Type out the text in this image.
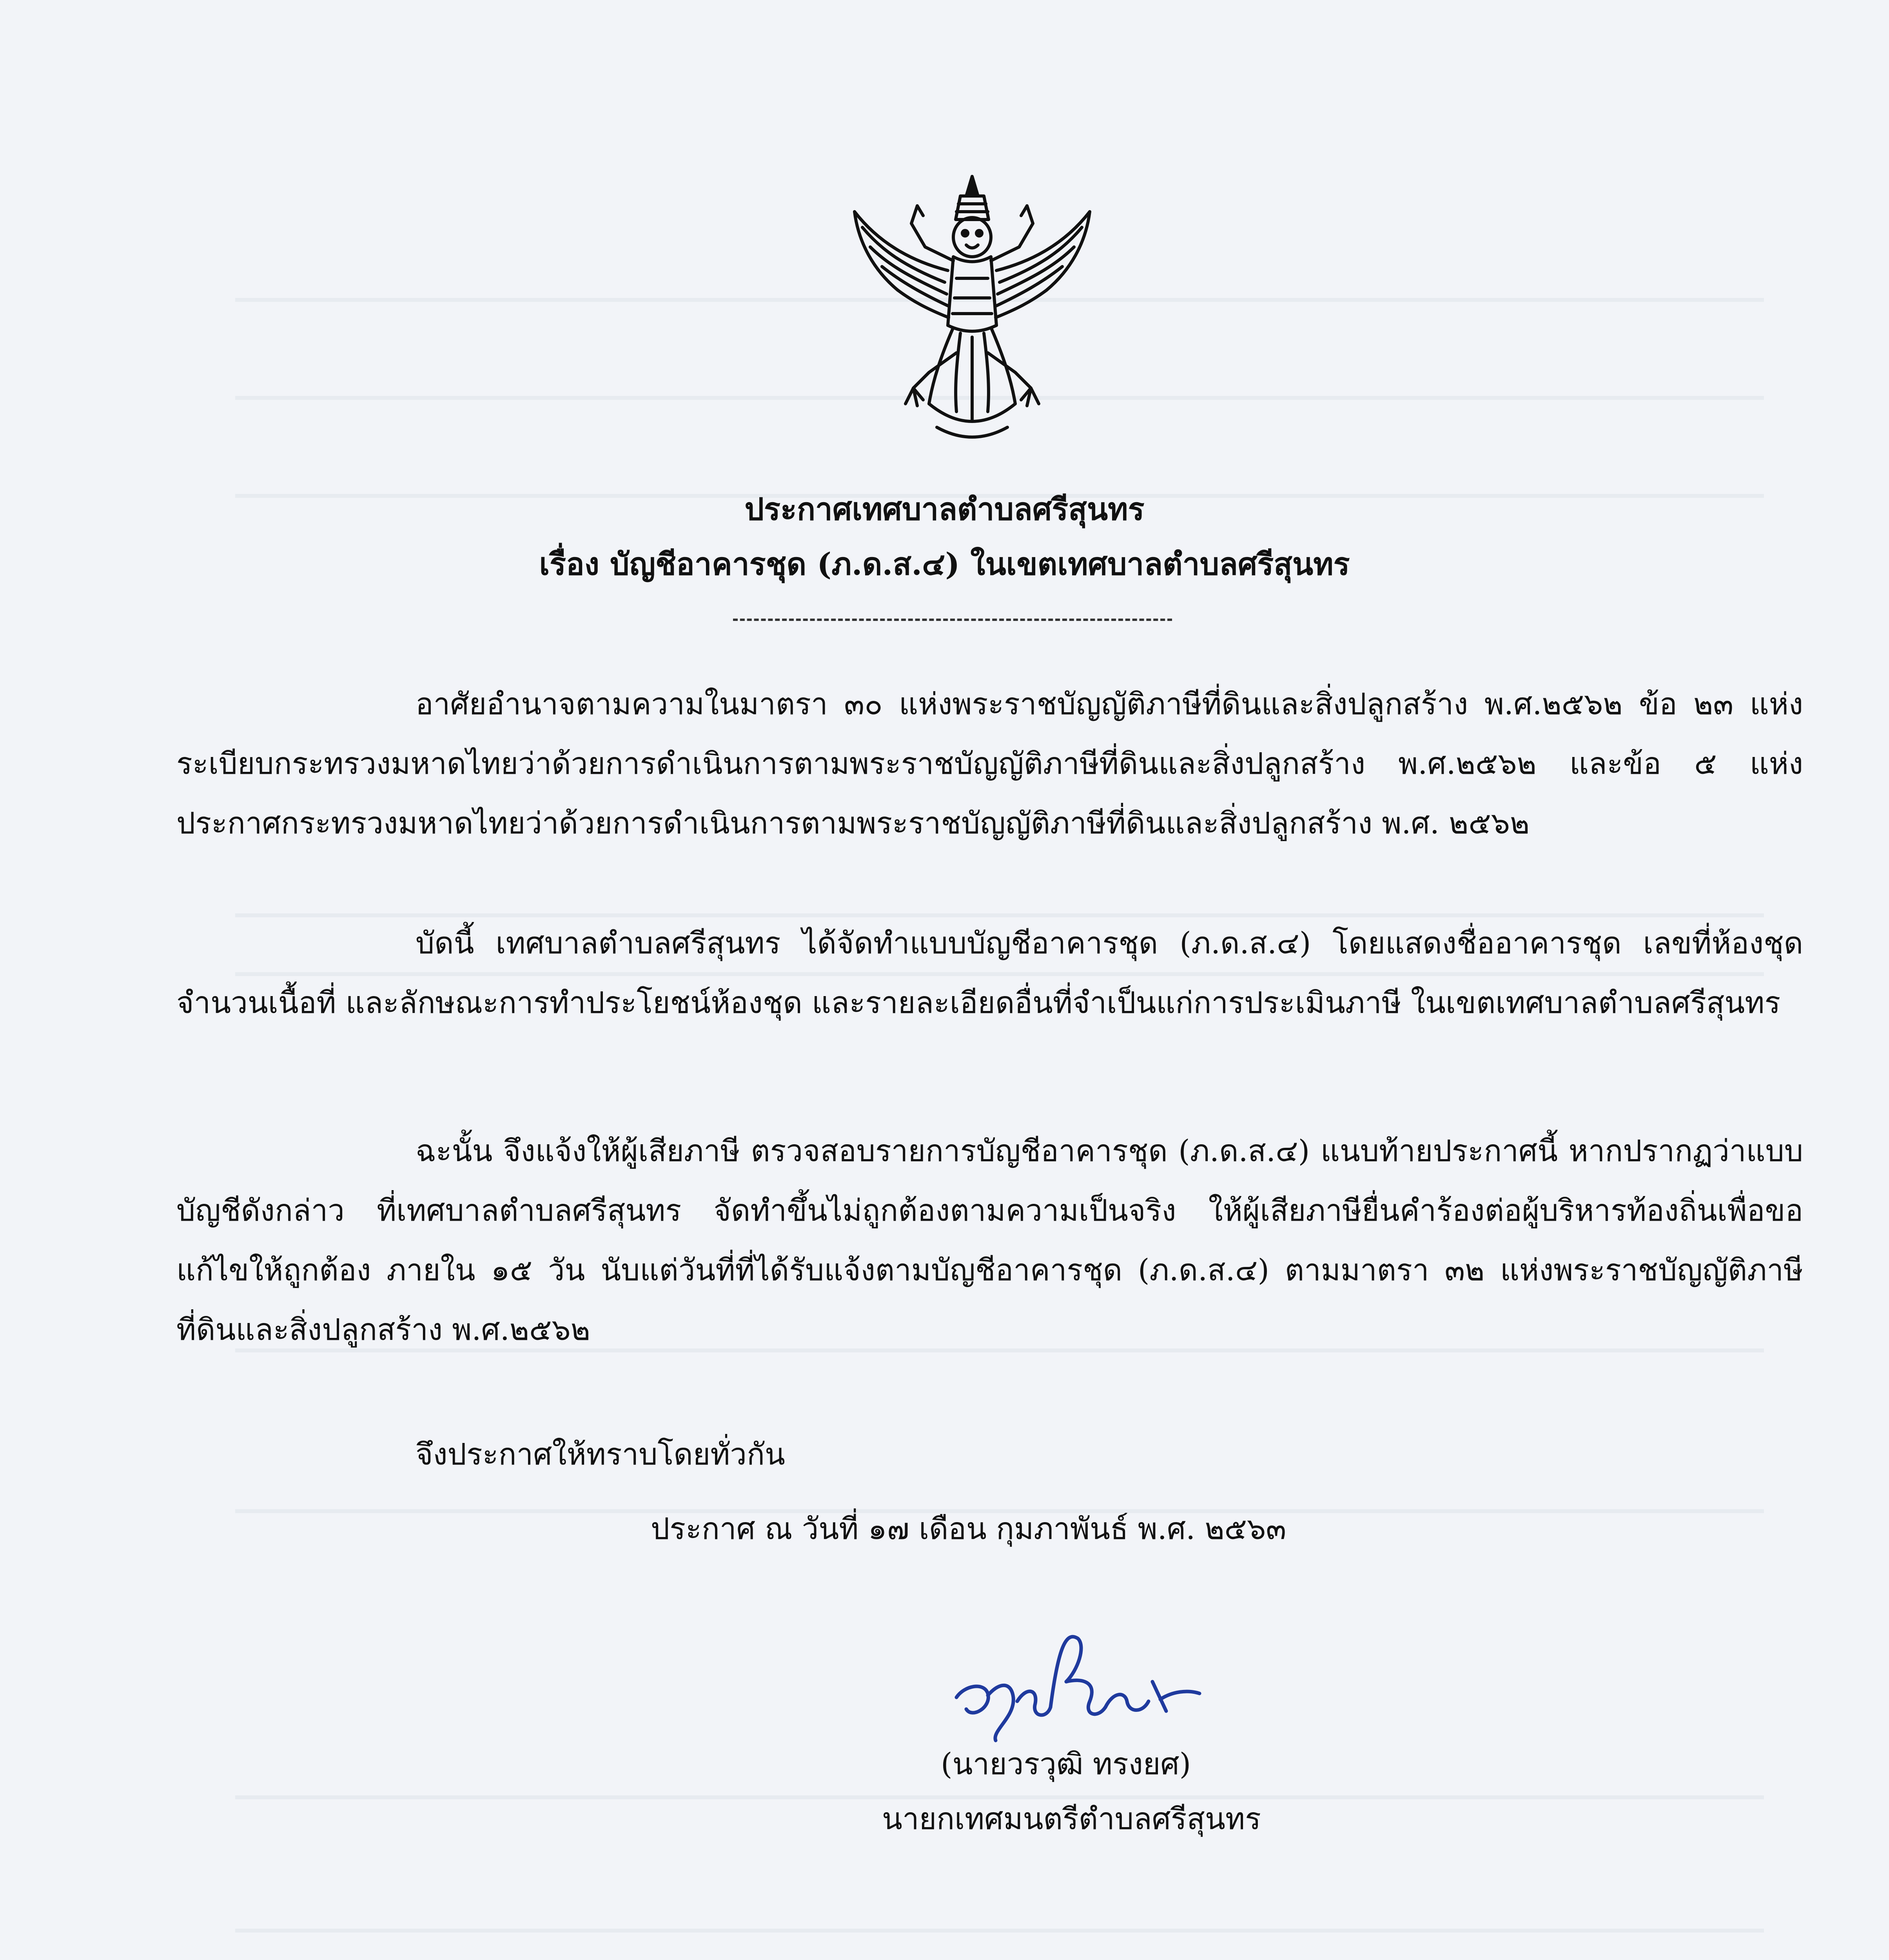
ประกาศเทศบาลตำบลศรีสุนทร
เรื่อง บัญชีอาคารชุด (ภ.ด.ส.๔) ในเขตเทศบาลตำบลศรีสุนทร
อาศัยอำนาจตามความในมาตรา ๓๐ แห่งพระราชบัญญัติภาษีที่ดินและสิ่งปลูกสร้าง พ.ศ.๒๕๖๒ ข้อ ๒๓ แห่งระเบียบกระทรวงมหาดไทยว่าด้วยการดำเนินการตามพระราชบัญญัติภาษีที่ดินและสิ่งปลูกสร้าง พ.ศ.๒๕๖๒ และข้อ ๕ แห่งประกาศกระทรวงมหาดไทยว่าด้วยการดำเนินการตามพระราชบัญญัติภาษีที่ดินและสิ่งปลูกสร้าง พ.ศ. ๒๕๖๒
บัดนี้ เทศบาลตำบลศรีสุนทร ได้จัดทำแบบบัญชีอาคารชุด (ภ.ด.ส.๔) โดยแสดงชื่ออาคารชุด เลขที่ห้องชุด จำนวนเนื้อที่ และลักษณะการทำประโยชน์ห้องชุด และรายละเอียดอื่นที่จำเป็นแก่การประเมินภาษี ในเขตเทศบาลตำบลศรีสุนทร
ฉะนั้น จึงแจ้งให้ผู้เสียภาษี ตรวจสอบรายการบัญชีอาคารชุด (ภ.ด.ส.๔) แนบท้ายประกาศนี้ หากปรากฏว่าแบบบัญชีดังกล่าว ที่เทศบาลตำบลศรีสุนทร จัดทำขึ้นไม่ถูกต้องตามความเป็นจริง ให้ผู้เสียภาษียื่นคำร้องต่อผู้บริหารท้องถิ่นเพื่อขอแก้ไขให้ถูกต้อง ภายใน ๑๕ วัน นับแต่วันที่ที่ได้รับแจ้งตามบัญชีอาคารชุด (ภ.ด.ส.๔) ตามมาตรา ๓๒ แห่งพระราชบัญญัติภาษีที่ดินและสิ่งปลูกสร้าง พ.ศ.๒๕๖๒
จึงประกาศให้ทราบโดยทั่วกัน
ประกาศ ณ วันที่ ๑๗ เดือน กุมภาพันธ์ พ.ศ. ๒๕๖๓
(นายวรวุฒิ ทรงยศ)
นายกเทศมนตรีตำบลศรีสุนทร
